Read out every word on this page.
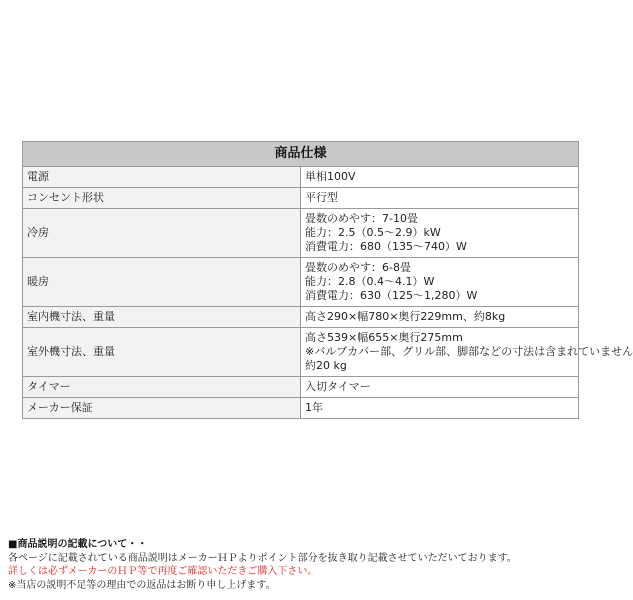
商品仕様	
電源	単相100V

コンセント形状	平行型

冷房	畳数のめやす：7-10畳
能力：2.5（0.5～2.9）kW
消費電力：680（135～740）W

暖房	畳数のめやす：6-8畳
能力：2.8（0.4～4.1）W
消費電力：630（125～1,280）W

室内機寸法、重量	高さ290×幅780×奥行229mm、約8kg

室外機寸法、重量	高さ539×幅655×奥行275mm
※バルブカバー部、グリル部、脚部などの寸法は含まれていません
約20 kg

タイマー	入切タイマー

メーカー保証	1年
■商品説明の記載について・・
各ページに記載されている商品説明はメーカーＨＰよりポイント部分を抜き取り記載させていただいております。
詳しくは必ずメーカーのＨＰ等で再度ご確認いただきご購入下さい。
※当店の説明不足等の理由での返品はお断り申し上げます。
